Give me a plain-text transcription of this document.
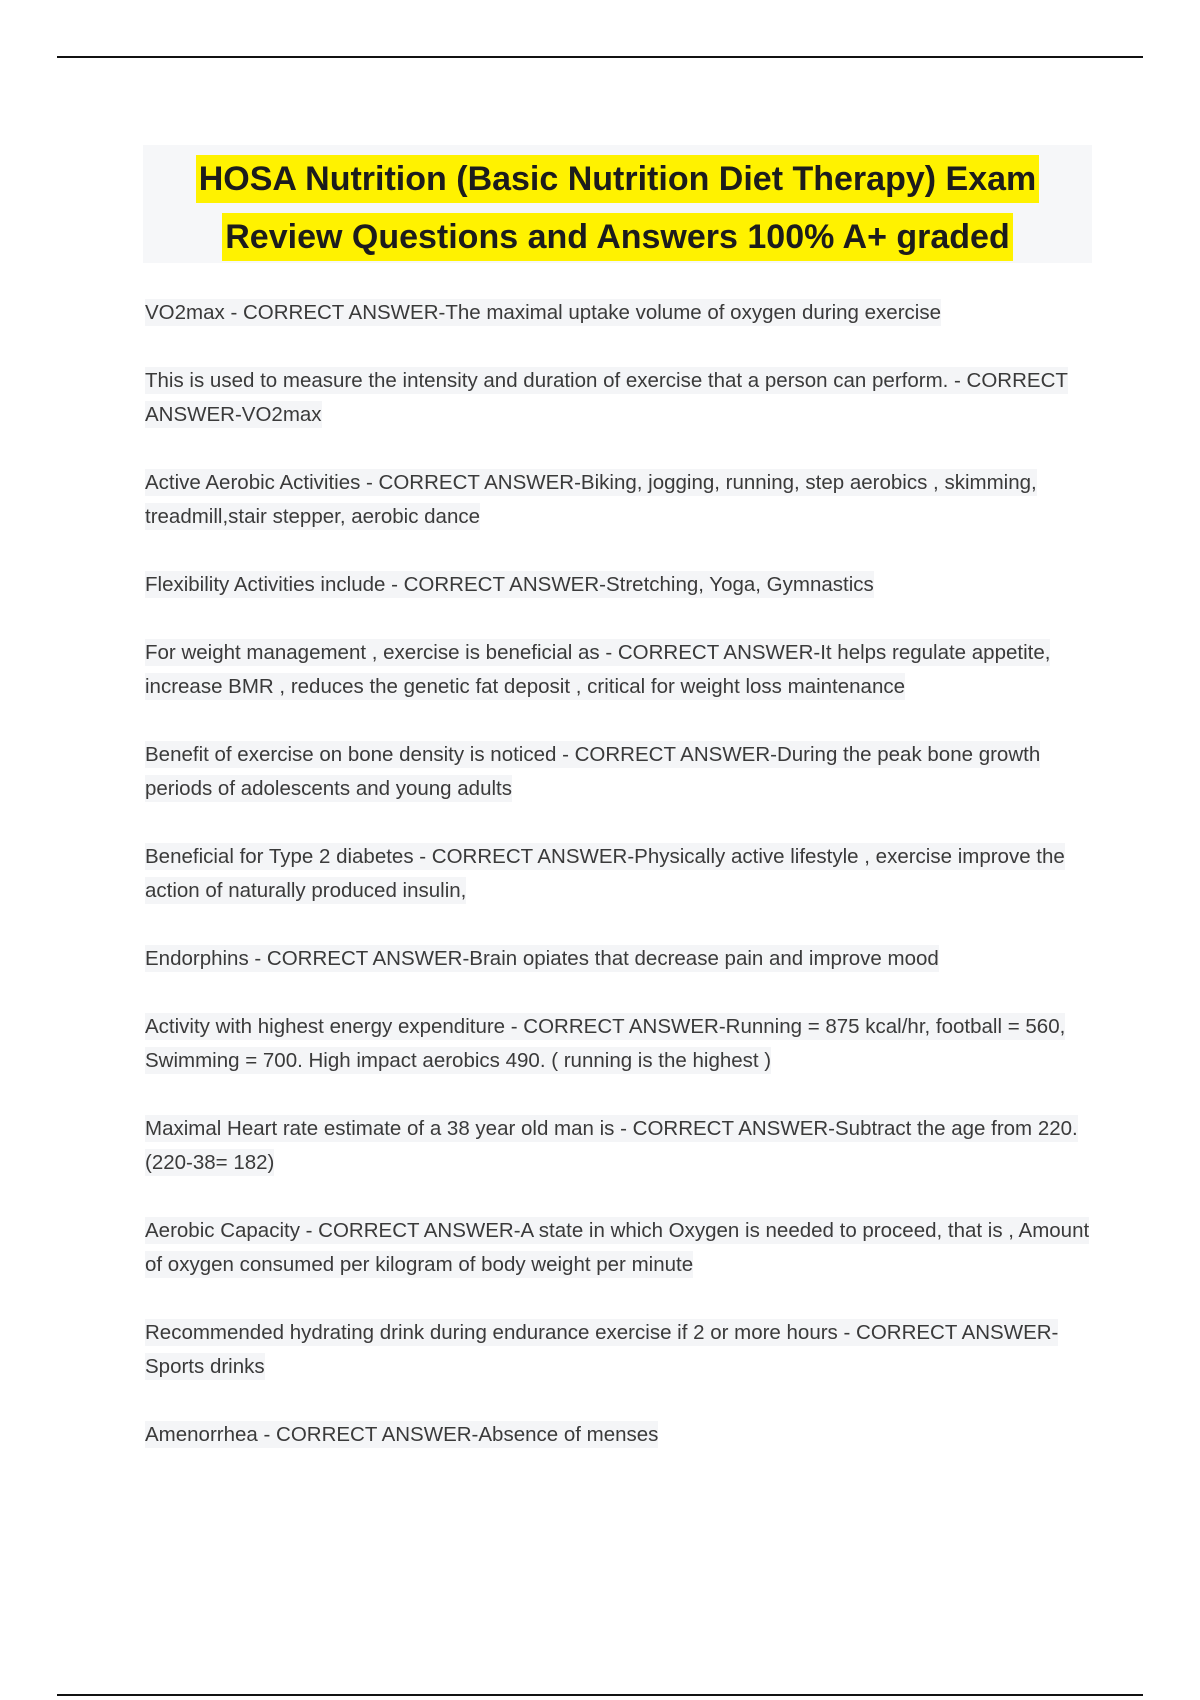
HOSA Nutrition (Basic Nutrition Diet Therapy) Exam
Review Questions and Answers 100% A+ graded

VO2max - CORRECT ANSWER-The maximal uptake volume of oxygen during exercise

This is used to measure the intensity and duration of exercise that a person can perform. - CORRECT ANSWER-VO2max

Active Aerobic Activities - CORRECT ANSWER-Biking, jogging, running, step aerobics , skimming, treadmill,stair stepper, aerobic dance

Flexibility Activities include - CORRECT ANSWER-Stretching, Yoga, Gymnastics

For weight management , exercise is beneficial as - CORRECT ANSWER-It helps regulate appetite, increase BMR , reduces the genetic fat deposit , critical for weight loss maintenance

Benefit of exercise on bone density is noticed - CORRECT ANSWER-During the peak bone growth periods of adolescents and young adults

Beneficial for Type 2 diabetes - CORRECT ANSWER-Physically active lifestyle , exercise improve the action of naturally produced insulin,

Endorphins - CORRECT ANSWER-Brain opiates that decrease pain and improve mood

Activity with highest energy expenditure - CORRECT ANSWER-Running = 875 kcal/hr, football = 560, Swimming = 700. High impact aerobics 490. ( running is the highest )

Maximal Heart rate estimate of a 38 year old man is - CORRECT ANSWER-Subtract the age from 220. (220-38= 182)

Aerobic Capacity - CORRECT ANSWER-A state in which Oxygen is needed to proceed, that is , Amount of oxygen consumed per kilogram of body weight per minute

Recommended hydrating drink during endurance exercise if 2 or more hours - CORRECT ANSWER-Sports drinks

Amenorrhea - CORRECT ANSWER-Absence of menses
